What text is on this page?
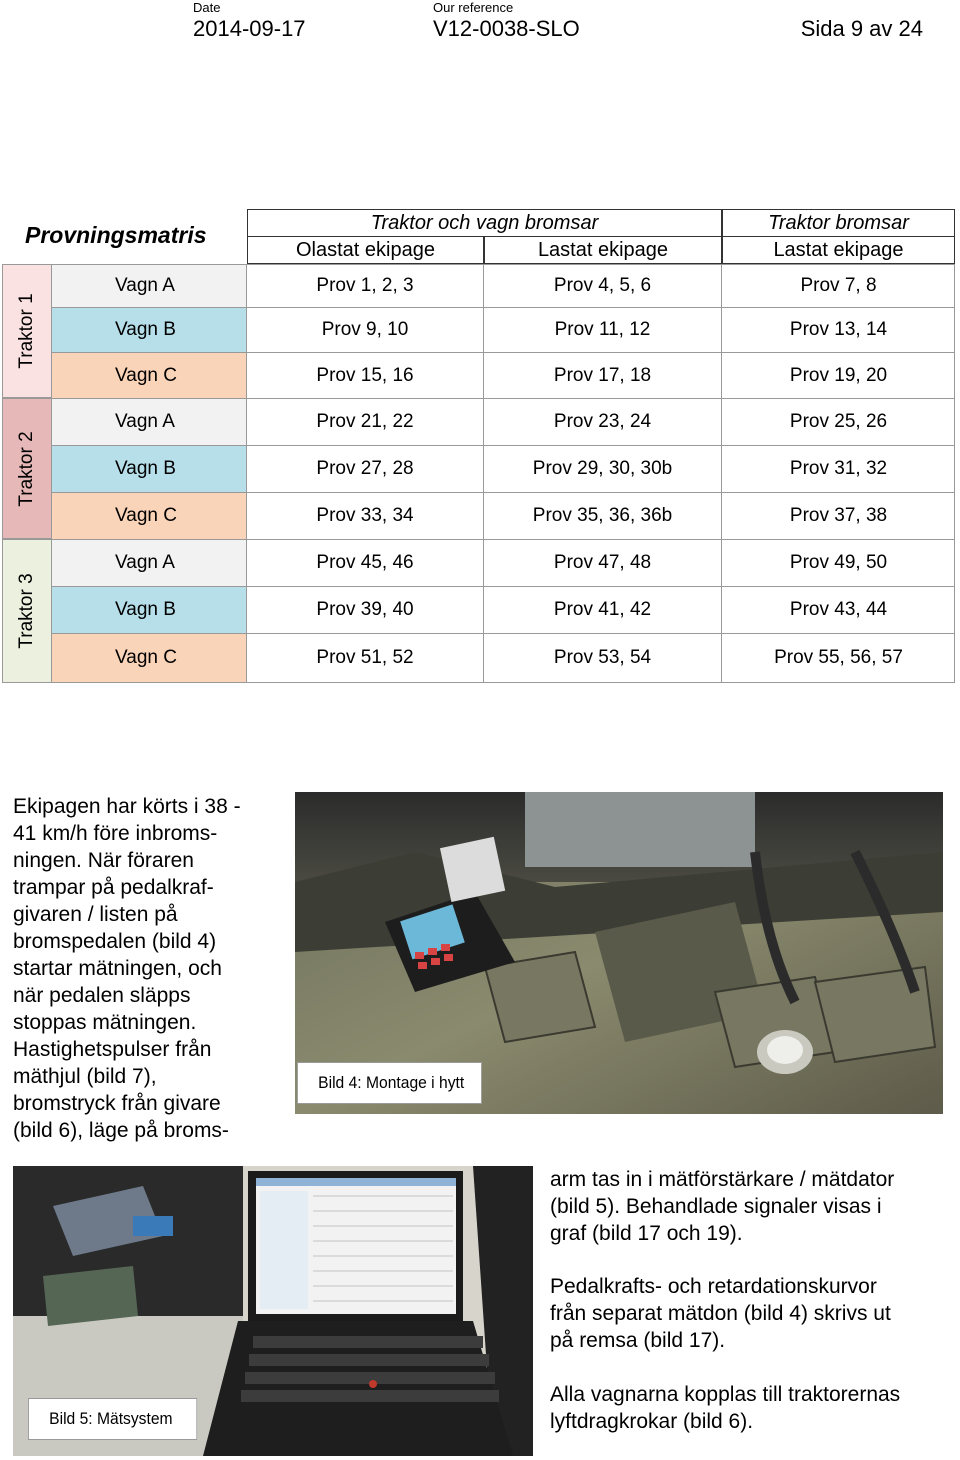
Date
2014-09-17
Our reference
V12-0038-SLO	Sida 9 av 24
Provningsmatris	Traktor och vagn bromsar	Traktor bromsar
Olastat ekipage	Lastat ekipage	Lastat ekipage
Traktor 1
Vagn A	Prov 1, 2, 3	Prov 4, 5, 6	Prov 7, 8
Vagn B	Prov 9, 10	Prov 11, 12	Prov 13, 14
Vagn C	Prov 15, 16	Prov 17, 18	Prov 19, 20
Traktor 2
Vagn A	Prov 21, 22	Prov 23, 24	Prov 25, 26
Vagn B	Prov 27, 28	Prov 29, 30, 30b	Prov 31, 32
Vagn C	Prov 33, 34	Prov 35, 36, 36b	Prov 37, 38
Traktor 3
Vagn A	Prov 45, 46	Prov 47, 48	Prov 49, 50
Vagn B	Prov 39, 40	Prov 41, 42	Prov 43, 44
Vagn C	Prov 51, 52	Prov 53, 54	Prov 55, 56, 57
Ekipagen har körts i 38 -
41 km/h före inbroms-
ningen. När föraren
trampar på pedalkraf-
givaren / listen på
bromspedalen (bild 4)
startar mätningen, och
när pedalen släpps
stoppas mätningen.
Hastighetspulser från
mäthjul (bild 7),
bromstryck från givare
(bild 6), läge på broms-
Bild 4: Montage i hytt
Bild 5: Mätsystem
arm tas in i mätförstärkare / mätdator
(bild 5). Behandlade signaler visas i
graf (bild 17 och 19).
Pedalkrafts- och retardationskurvor
från separat mätdon (bild 4) skrivs ut
på remsa (bild 17).
Alla vagnarna kopplas till traktorernas
lyftdragkrokar (bild 6).
